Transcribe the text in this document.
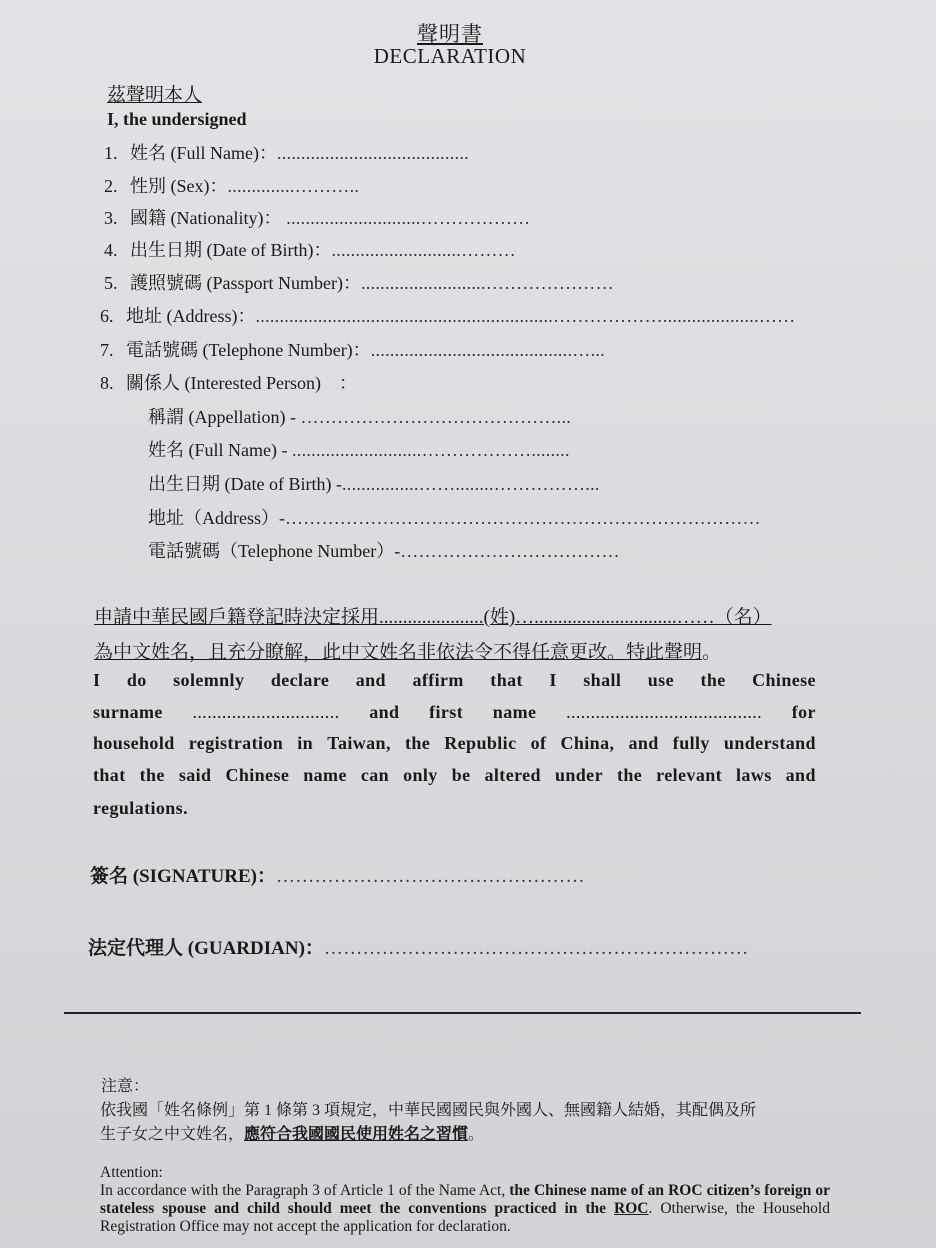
聲明書
DECLARATION
茲聲明本人
I, the undersigned
1. 姓名 (Full Name)：........................................
2. 性別 (Sex)：..............………..
3. 國籍 (Nationality)： ............................………………
4. 出生日期 (Date of Birth)：...........................………
5. 護照號碼 (Passport Number)：..........................…………………
6. 地址 (Address)：..............................................................………………....................……
7. 電話號碼 (Telephone Number)：..........................................…...
8. 關係人 (Interested Person)　：
稱謂 (Appellation) - ……………………………………...
姓名 (Full Name) - ...........................………………........
出生日期 (Date of Birth) -................……........……………...
地址（Address）-……………………………………………………………………
電話號碼（Telephone Number）-………………………………
申請中華民國戶籍登記時決定採用......................(姓)…..............................……（名）
為中文姓名，且充分瞭解，此中文姓名非依法令不得任意更改。特此聲明。
I do solemnly declare and affirm that I shall use the Chinese
surname .............................. and first name ........................................ for
household registration in Taiwan, the Republic of China, and fully understand
that the said Chinese name can only be altered under the relevant laws and
regulations.
簽名 (SIGNATURE)：…………………………………………
法定代理人 (GUARDIAN)：…………………………………………………………
注意：
依我國「姓名條例」第 1 條第 3 項規定，中華民國國民與外國人、無國籍人結婚，其配偶及所
生子女之中文姓名，應符合我國國民使用姓名之習慣。
Attention:
In accordance with the Paragraph 3 of Article 1 of the Name Act, the Chinese name of an ROC citizen’s foreign or stateless spouse and child should meet the conventions practiced in the ROC. Otherwise, the Household Registration Office may not accept the application for declaration.
